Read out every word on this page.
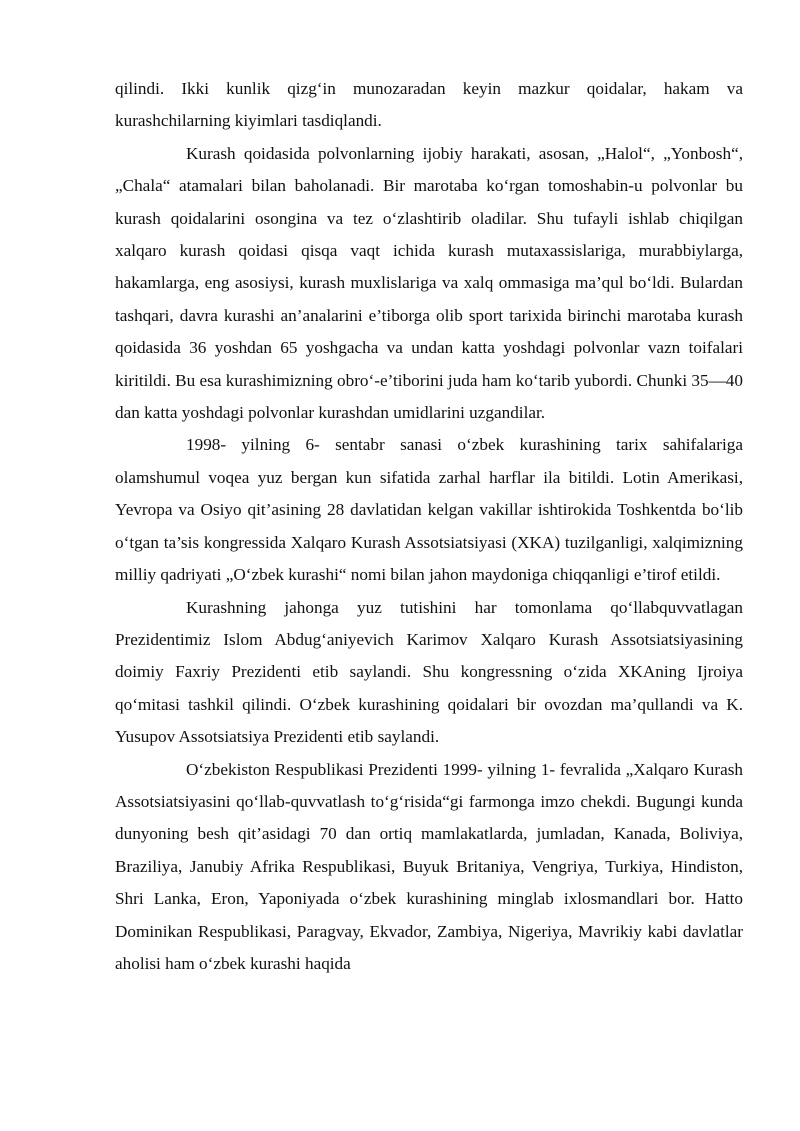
qilindi. Ikki kunlik qizg‘in munozaradan keyin mazkur qoidalar, hakam va kurashchilarning kiyimlari tasdiqlandi.

Kurash qoidasida polvonlarning ijobiy harakati, asosan, „Halol“, „Yonbosh“, „Chala“ atamalari bilan baholanadi. Bir marotaba ko‘rgan tomoshabin-u polvonlar bu kurash qoidalarini osongina va tez o‘zlashtirib oladilar. Shu tufayli ishlab chiqilgan xalqaro kurash qoidasi qisqa vaqt ichida kurash mutaxassislariga, murabbiylarga, hakamlarga, eng asosiysi, kurash muxlislariga va xalq ommasiga ma’qul bo‘ldi. Bulardan tashqari, davra kurashi an’analarini e’tiborga olib sport tarixida birinchi marotaba kurash qoidasida 36 yoshdan 65 yoshgacha va undan katta yoshdagi polvonlar vazn toifalari kiritildi. Bu esa kurashimizning obro‘-e’tiborini juda ham ko‘tarib yubordi. Chunki 35—40 dan katta yoshdagi polvonlar kurashdan umidlarini uzgandilar.

1998- yilning 6- sentabr sanasi o‘zbek kurashining tarix sahifalariga olamshumul voqea yuz bergan kun sifatida zarhal harflar ila bitildi. Lotin Amerikasi, Yevropa va Osiyo qit’asining 28 davlatidan kelgan vakillar ishtirokida Toshkentda bo‘lib o‘tgan ta’sis kongressida Xalqaro Kurash Assotsiatsiyasi (XKA) tuzilganligi, xalqimizning milliy qadriyati „O‘zbek kurashi“ nomi bilan jahon maydoniga chiqqanligi e’tirof etildi.

Kurashning jahonga yuz tutishini har tomonlama qo‘llabquvvatlagan Prezidentimiz Islom Abdug‘aniyevich Karimov Xalqaro Kurash Assotsiatsiyasining doimiy Faxriy Prezidenti etib saylandi. Shu kongressning o‘zida XKAning Ijroiya qo‘mitasi tashkil qilindi. O‘zbek kurashining qoidalari bir ovozdan ma’qullandi va K. Yusupov Assotsiatsiya Prezidenti etib saylandi.

O‘zbekiston Respublikasi Prezidenti 1999- yilning 1- fevralida „Xalqaro Kurash Assotsiatsiyasini qo‘llab-quvvatlash to‘g‘risida“gi farmonga imzo chekdi. Bugungi kunda dunyoning besh qit’asidagi 70 dan ortiq mamlakatlarda, jumladan, Kanada, Boliviya, Braziliya, Janubiy Afrika Respublikasi, Buyuk Britaniya, Vengriya, Turkiya, Hindiston, Shri Lanka, Eron, Yaponiyada o‘zbek kurashining minglab ixlosmandlari bor. Hatto Dominikan Respublikasi, Paragvay, Ekvador, Zambiya, Nigeriya, Mavrikiy kabi davlatlar aholisi ham o‘zbek kurashi haqida
